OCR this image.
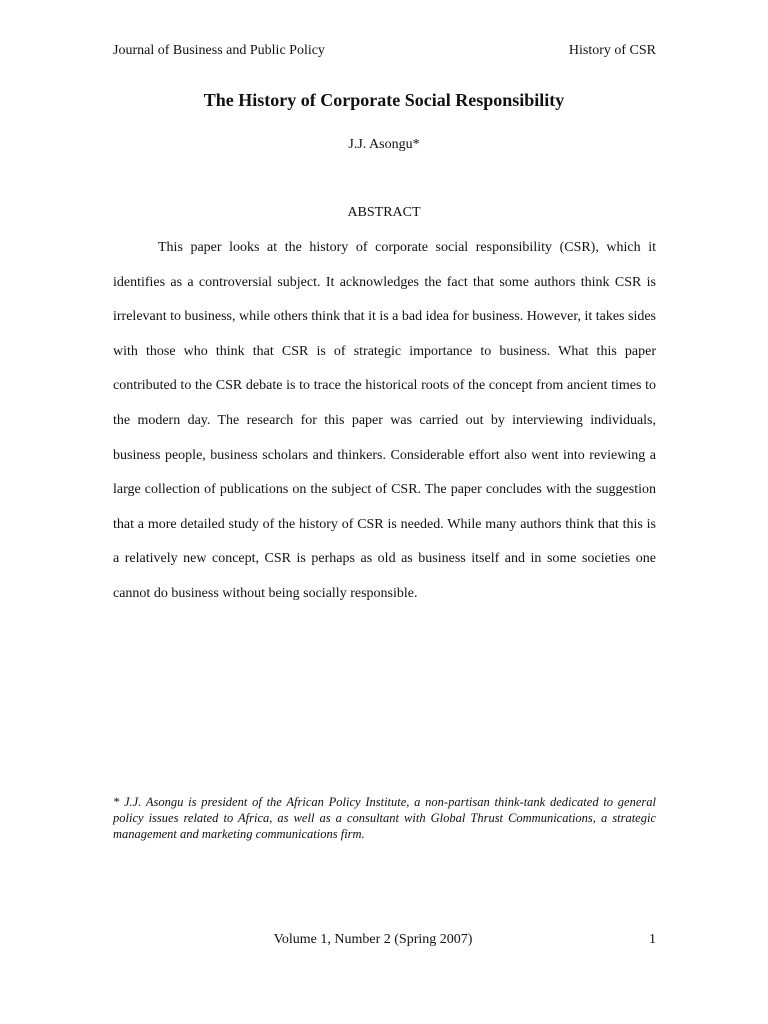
Journal of Business and Public Policy	History of CSR
The History of Corporate Social Responsibility
J.J. Asongu*
ABSTRACT

This paper looks at the history of corporate social responsibility (CSR), which it identifies as a controversial subject. It acknowledges the fact that some authors think CSR is irrelevant to business, while others think that it is a bad idea for business. However, it takes sides with those who think that CSR is of strategic importance to business. What this paper contributed to the CSR debate is to trace the historical roots of the concept from ancient times to the modern day. The research for this paper was carried out by interviewing individuals, business people, business scholars and thinkers. Considerable effort also went into reviewing a large collection of publications on the subject of CSR. The paper concludes with the suggestion that a more detailed study of the history of CSR is needed. While many authors think that this is a relatively new concept, CSR is perhaps as old as business itself and in some societies one cannot do business without being socially responsible.

* J.J. Asongu is president of the African Policy Institute, a non-partisan think-tank dedicated to general policy issues related to Africa, as well as a consultant with Global Thrust Communications, a strategic management and marketing communications firm.

Volume 1, Number 2 (Spring 2007)	1
